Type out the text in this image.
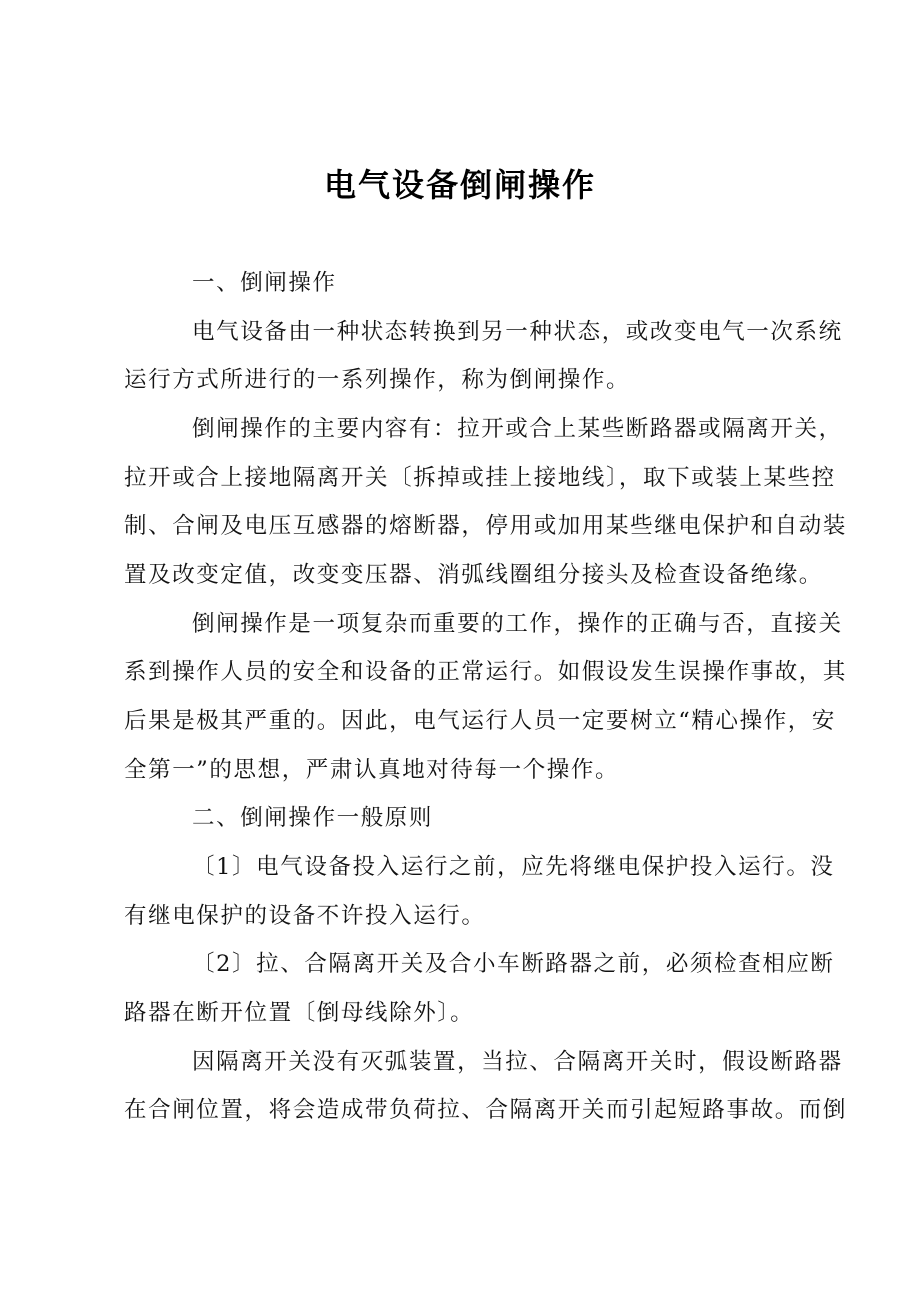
电气设备倒闸操作
一、倒闸操作
电气设备由一种状态转换到另一种状态，或改变电气一次系统
运行方式所进行的一系列操作，称为倒闸操作。
倒闸操作的主要内容有：拉开或合上某些断路器或隔离开关，
拉开或合上接地隔离开关〔拆掉或挂上接地线〕，取下或装上某些控
制、合闸及电压互感器的熔断器，停用或加用某些继电保护和自动装
置及改变定值，改变变压器、消弧线圈组分接头及检查设备绝缘。
倒闸操作是一项复杂而重要的工作，操作的正确与否，直接关
系到操作人员的安全和设备的正常运行。如假设发生误操作事故，其
后果是极其严重的。因此，电气运行人员一定要树立“精心操作，安
全第一”的思想，严肃认真地对待每一个操作。
二、倒闸操作一般原则
〔1〕电气设备投入运行之前，应先将继电保护投入运行。没
有继电保护的设备不许投入运行。
〔2〕拉、合隔离开关及合小车断路器之前，必须检查相应断
路器在断开位置〔倒母线除外〕。
因隔离开关没有灭弧装置，当拉、合隔离开关时，假设断路器
在合闸位置，将会造成带负荷拉、合隔离开关而引起短路事故。而倒
